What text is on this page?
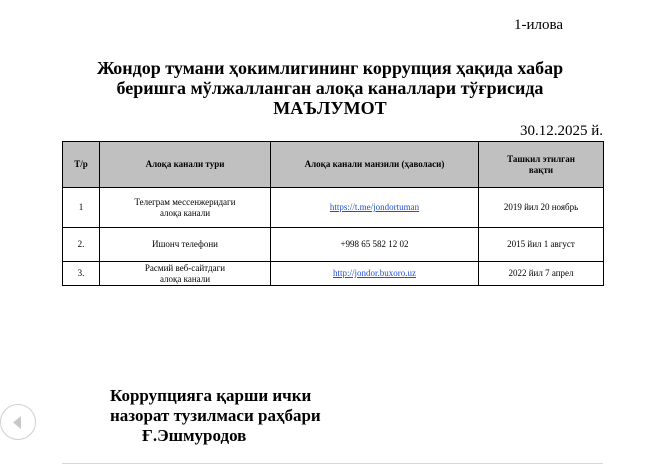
1-илова
Жондор тумани ҳокимлигининг коррупция ҳақида хабар
беришга мўлжалланган алоқа каналлари тўғрисида
МАЪЛУМОТ
30.12.2025 й.
Т/р	Алоқа канали тури	Алоқа канали манзили (ҳаволаси)	Ташкил этилган
вақти

1	Телеграм мессенжеридаги
алоқа канали	https://t.me/jondortuman	2019 йил 20 ноябрь
2.	Ишонч телефони	+998 65 582 12 02	2015 йил 1 август
3.	Расмий веб-сайтдаги
алоқа канали	http://jondor.buxoro.uz	2022 йил 7 апрел
Коррупцияга қарши ички
назорат тузилмаси раҳбари
Ғ.Эшмуродов
